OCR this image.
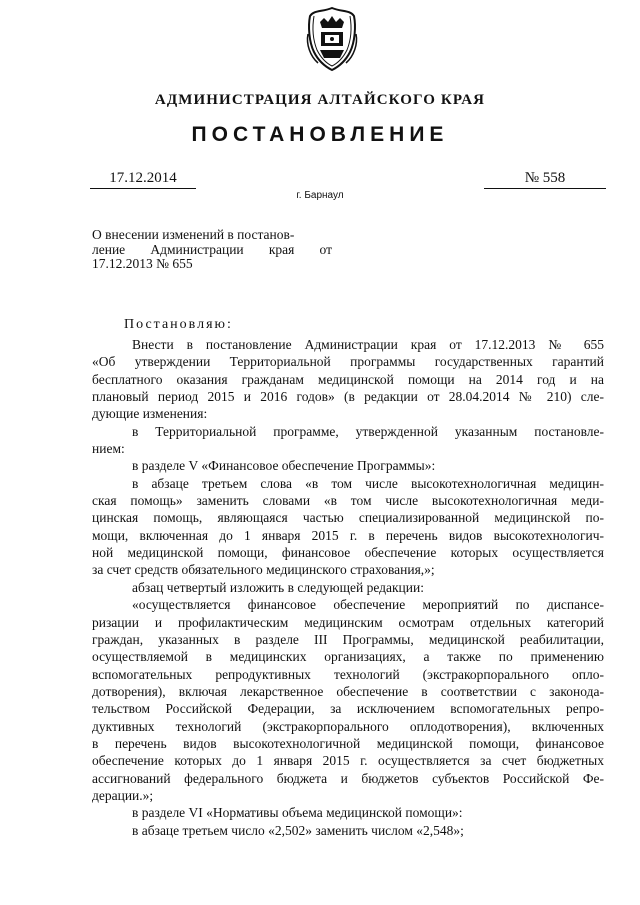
АДМИНИСТРАЦИЯ АЛТАЙСКОГО КРАЯ
ПОСТАНОВЛЕНИЕ
17.12.2014	№ 558
г. Барнаул
О внесении изменений в постанов-
ление Администрации края от
17.12.2013 № 655
Постановляю:
Внести в постановление Администрации края от 17.12.2013 № 655
«Об утверждении Территориальной программы государственных гарантий
бесплатного оказания гражданам медицинской помощи на 2014 год и на
плановый период 2015 и 2016 годов» (в редакции от 28.04.2014 № 210) сле-
дующие изменения:
в Территориальной программе, утвержденной указанным постановле-
нием:
в разделе V «Финансовое обеспечение Программы»:
в абзаце третьем слова «в том числе высокотехнологичная медицин-
ская помощь» заменить словами «в том числе высокотехнологичная меди-
цинская помощь, являющаяся частью специализированной медицинской по-
мощи, включенная до 1 января 2015 г. в перечень видов высокотехнологич-
ной медицинской помощи, финансовое обеспечение которых осуществляется
за счет средств обязательного медицинского страхования,»;
абзац четвертый изложить в следующей редакции:
«осуществляется финансовое обеспечение мероприятий по диспансе-
ризации и профилактическим медицинским осмотрам отдельных категорий
граждан, указанных в разделе III Программы, медицинской реабилитации,
осуществляемой в медицинских организациях, а также по применению
вспомогательных репродуктивных технологий (экстракорпорального опло-
дотворения), включая лекарственное обеспечение в соответствии с законода-
тельством Российской Федерации, за исключением вспомогательных репро-
дуктивных технологий (экстракорпорального оплодотворения), включенных
в перечень видов высокотехнологичной медицинской помощи, финансовое
обеспечение которых до 1 января 2015 г. осуществляется за счет бюджетных
ассигнований федерального бюджета и бюджетов субъектов Российской Фе-
дерации.»;
в разделе VI «Нормативы объема медицинской помощи»:
в абзаце третьем число «2,502» заменить числом «2,548»;
